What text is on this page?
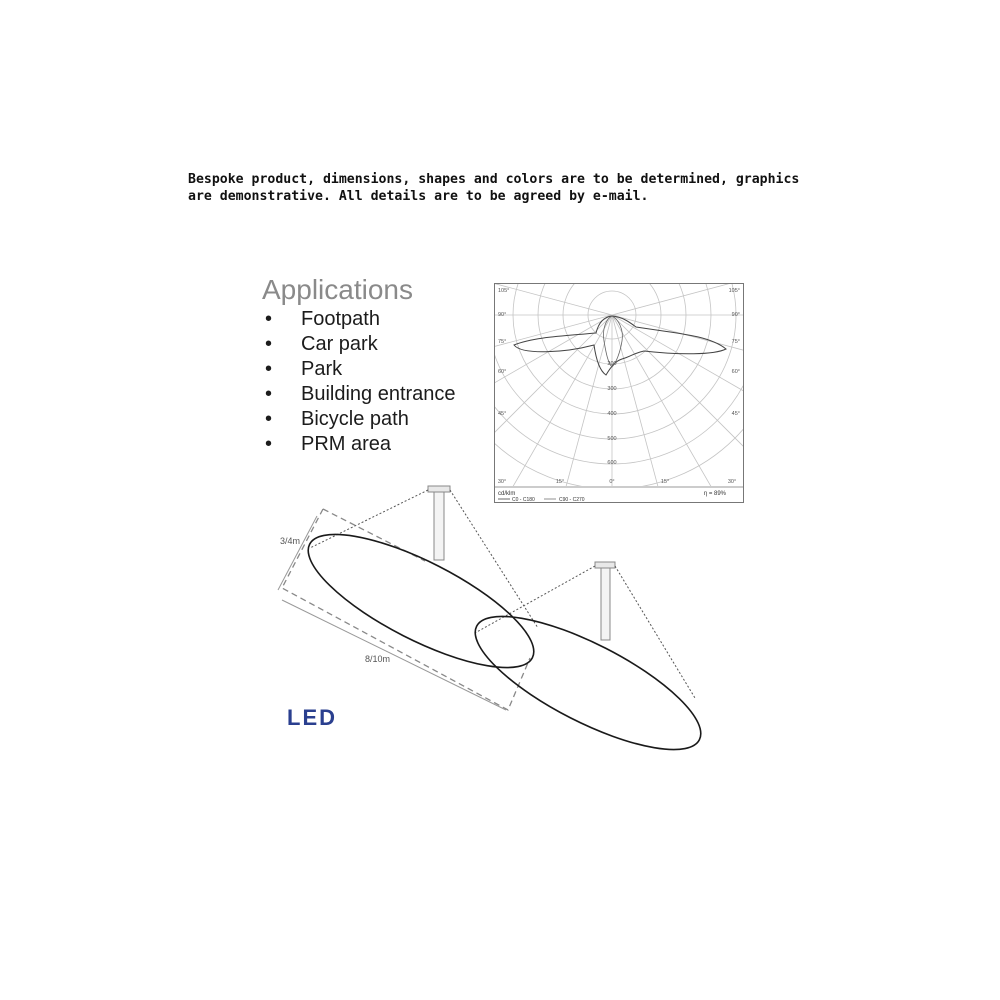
Bespoke product, dimensions, shapes and colors are to be determined, graphics are demonstrative. All details are to be agreed by e-mail.

Applications
• Footpath
• Car park
• Park
• Building entrance
• Bicycle path
• PRM area
105°
90°
75°
60°
45°
105°
90°
75°
60°
45°
30°	15°	0°	15°	30°
200
300
400
500
600
cd/klm
C0 - C180	C90 - C270
η = 89%
3/4m
8/10m
LED
